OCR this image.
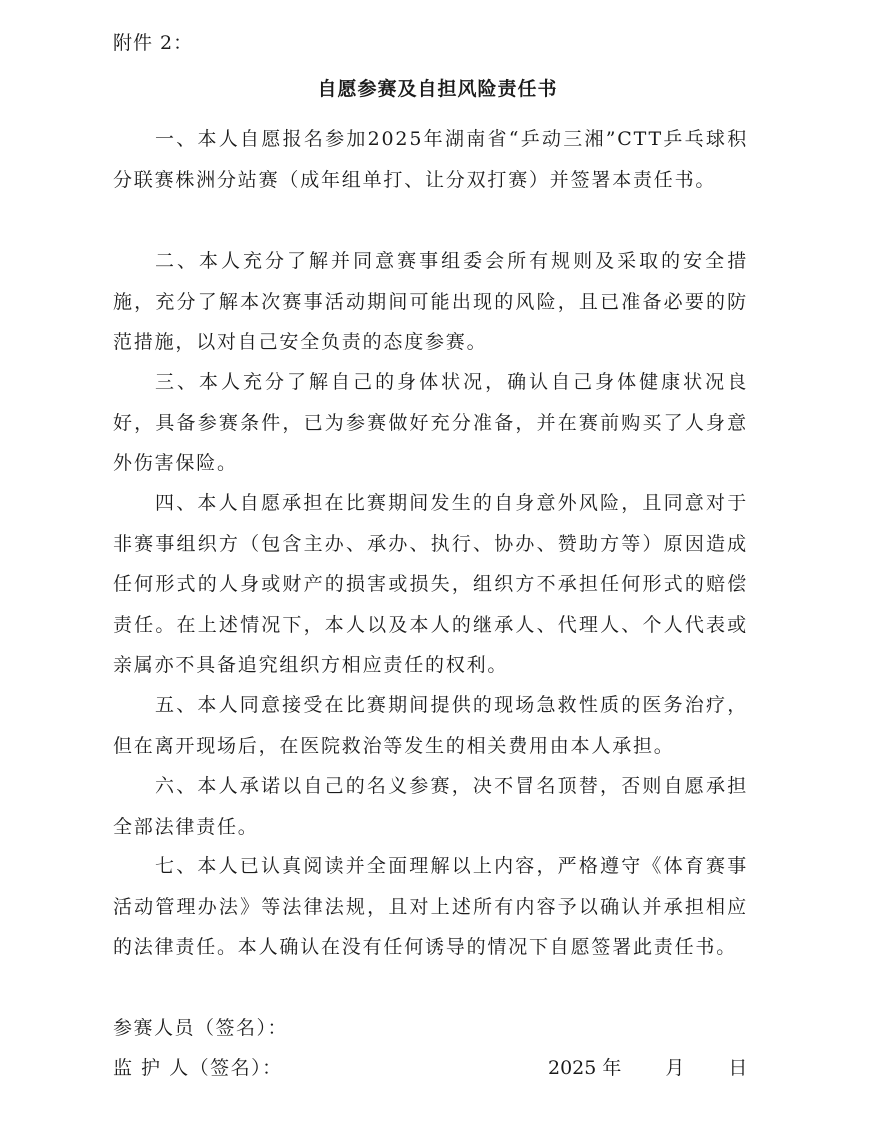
附件 2：
自愿参赛及自担风险责任书

一、本人自愿报名参加2025年湖南省“乒动三湘”CTT乒乓球积分联赛株洲分站赛（成年组单打、让分双打赛）并签署本责任书。

二、本人充分了解并同意赛事组委会所有规则及采取的安全措施，充分了解本次赛事活动期间可能出现的风险，且已准备必要的防范措施，以对自己安全负责的态度参赛。

三、本人充分了解自己的身体状况，确认自己身体健康状况良好，具备参赛条件，已为参赛做好充分准备，并在赛前购买了人身意外伤害保险。

四、本人自愿承担在比赛期间发生的自身意外风险，且同意对于非赛事组织方（包含主办、承办、执行、协办、赞助方等）原因造成任何形式的人身或财产的损害或损失，组织方不承担任何形式的赔偿责任。在上述情况下，本人以及本人的继承人、代理人、个人代表或亲属亦不具备追究组织方相应责任的权利。

五、本人同意接受在比赛期间提供的现场急救性质的医务治疗，但在离开现场后，在医院救治等发生的相关费用由本人承担。

六、本人承诺以自己的名义参赛，决不冒名顶替，否则自愿承担全部法律责任。

七、本人已认真阅读并全面理解以上内容，严格遵守《体育赛事活动管理办法》等法律法规，且对上述所有内容予以确认并承担相应的法律责任。本人确认在没有任何诱导的情况下自愿签署此责任书。

参赛人员（签名）：
监 护 人（签名）：	2025 年 月 日
